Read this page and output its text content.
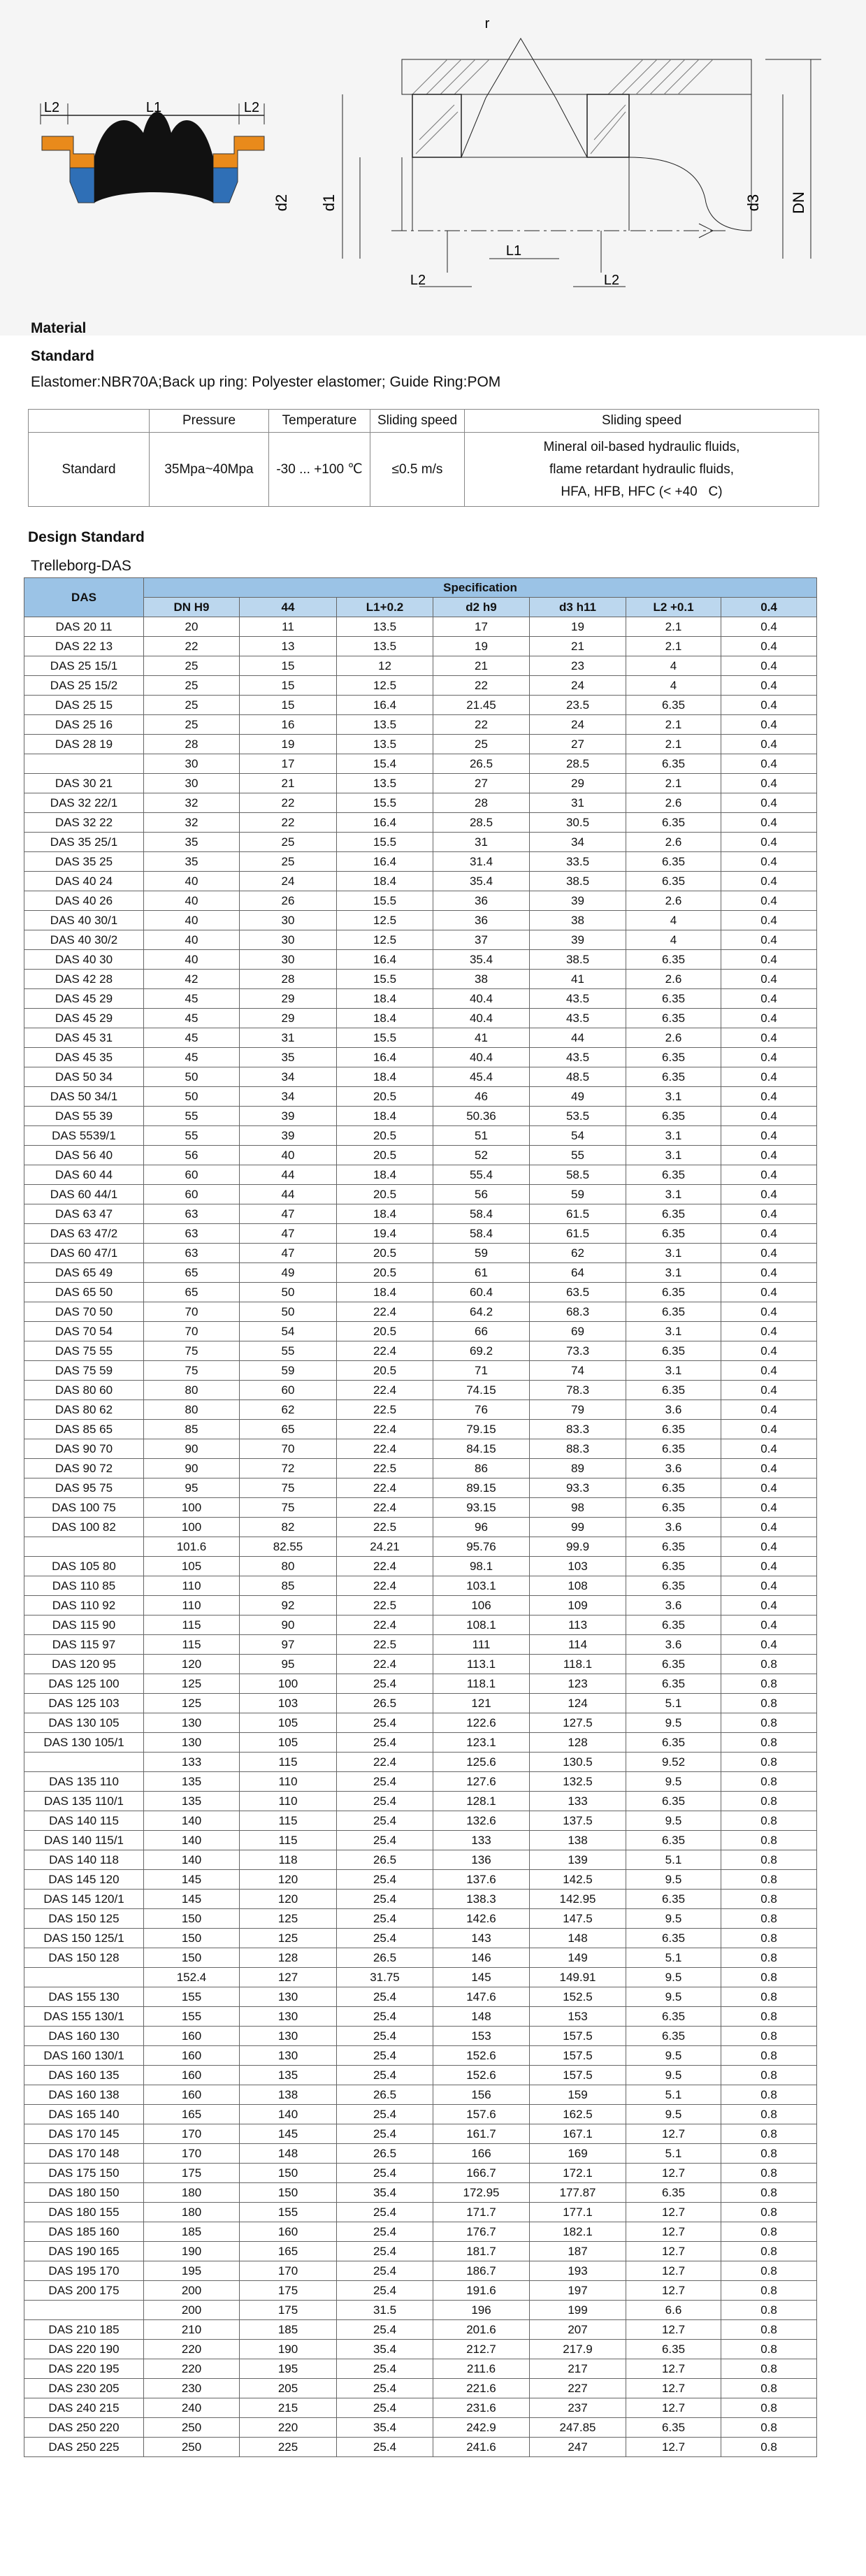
L2	L1	L2
r
d2 d1	d3 DN
L1
L2	L2
Material
Standard
Elastomer:NBR70A;Back up ring: Polyester elastomer; Guide Ring:POM
	Pressure	Temperature	Sliding speed	Sliding speed
Standard	35Mpa~40Mpa	-30 ... +100 ℃	≤0.5 m/s	Mineral oil-based hydraulic fluids,
flame retardant hydraulic fluids,
HFA, HFB, HFC (< +40   C)
Design Standard
Trelleborg-DAS
DAS	Specification						
	DN H9	44	L1+0.2	d2 h9	d3 h11	L2 +0.1	0.4
DAS 20 11	20	11	13.5	17	19	2.1	0.4
DAS 22 13	22	13	13.5	19	21	2.1	0.4
DAS 25 15/1	25	15	12	21	23	4	0.4
DAS 25 15/2	25	15	12.5	22	24	4	0.4
DAS 25 15	25	15	16.4	21.45	23.5	6.35	0.4
DAS 25 16	25	16	13.5	22	24	2.1	0.4
DAS 28 19	28	19	13.5	25	27	2.1	0.4
	30	17	15.4	26.5	28.5	6.35	0.4
DAS 30 21	30	21	13.5	27	29	2.1	0.4
DAS 32 22/1	32	22	15.5	28	31	2.6	0.4
DAS 32 22	32	22	16.4	28.5	30.5	6.35	0.4
DAS 35 25/1	35	25	15.5	31	34	2.6	0.4
DAS 35 25	35	25	16.4	31.4	33.5	6.35	0.4
DAS 40 24	40	24	18.4	35.4	38.5	6.35	0.4
DAS 40 26	40	26	15.5	36	39	2.6	0.4
DAS 40 30/1	40	30	12.5	36	38	4	0.4
DAS 40 30/2	40	30	12.5	37	39	4	0.4
DAS 40 30	40	30	16.4	35.4	38.5	6.35	0.4
DAS 42 28	42	28	15.5	38	41	2.6	0.4
DAS 45 29	45	29	18.4	40.4	43.5	6.35	0.4
DAS 45 29	45	29	18.4	40.4	43.5	6.35	0.4
DAS 45 31	45	31	15.5	41	44	2.6	0.4
DAS 45 35	45	35	16.4	40.4	43.5	6.35	0.4
DAS 50 34	50	34	18.4	45.4	48.5	6.35	0.4
DAS 50 34/1	50	34	20.5	46	49	3.1	0.4
DAS 55 39	55	39	18.4	50.36	53.5	6.35	0.4
DAS 5539/1	55	39	20.5	51	54	3.1	0.4
DAS 56 40	56	40	20.5	52	55	3.1	0.4
DAS 60 44	60	44	18.4	55.4	58.5	6.35	0.4
DAS 60 44/1	60	44	20.5	56	59	3.1	0.4
DAS 63 47	63	47	18.4	58.4	61.5	6.35	0.4
DAS 63 47/2	63	47	19.4	58.4	61.5	6.35	0.4
DAS 60 47/1	63	47	20.5	59	62	3.1	0.4
DAS 65 49	65	49	20.5	61	64	3.1	0.4
DAS 65 50	65	50	18.4	60.4	63.5	6.35	0.4
DAS 70 50	70	50	22.4	64.2	68.3	6.35	0.4
DAS 70 54	70	54	20.5	66	69	3.1	0.4
DAS 75 55	75	55	22.4	69.2	73.3	6.35	0.4
DAS 75 59	75	59	20.5	71	74	3.1	0.4
DAS 80 60	80	60	22.4	74.15	78.3	6.35	0.4
DAS 80 62	80	62	22.5	76	79	3.6	0.4
DAS 85 65	85	65	22.4	79.15	83.3	6.35	0.4
DAS 90 70	90	70	22.4	84.15	88.3	6.35	0.4
DAS 90 72	90	72	22.5	86	89	3.6	0.4
DAS 95 75	95	75	22.4	89.15	93.3	6.35	0.4
DAS 100 75	100	75	22.4	93.15	98	6.35	0.4
DAS 100 82	100	82	22.5	96	99	3.6	0.4
	101.6	82.55	24.21	95.76	99.9	6.35	0.4
DAS 105 80	105	80	22.4	98.1	103	6.35	0.4
DAS 110 85	110	85	22.4	103.1	108	6.35	0.4
DAS 110 92	110	92	22.5	106	109	3.6	0.4
DAS 115 90	115	90	22.4	108.1	113	6.35	0.4
DAS 115 97	115	97	22.5	111	114	3.6	0.4
DAS 120 95	120	95	22.4	113.1	118.1	6.35	0.8
DAS 125 100	125	100	25.4	118.1	123	6.35	0.8
DAS 125 103	125	103	26.5	121	124	5.1	0.8
DAS 130 105	130	105	25.4	122.6	127.5	9.5	0.8
DAS 130 105/1	130	105	25.4	123.1	128	6.35	0.8
	133	115	22.4	125.6	130.5	9.52	0.8
DAS 135 110	135	110	25.4	127.6	132.5	9.5	0.8
DAS 135 110/1	135	110	25.4	128.1	133	6.35	0.8
DAS 140 115	140	115	25.4	132.6	137.5	9.5	0.8
DAS 140 115/1	140	115	25.4	133	138	6.35	0.8
DAS 140 118	140	118	26.5	136	139	5.1	0.8
DAS 145 120	145	120	25.4	137.6	142.5	9.5	0.8
DAS 145 120/1	145	120	25.4	138.3	142.95	6.35	0.8
DAS 150 125	150	125	25.4	142.6	147.5	9.5	0.8
DAS 150 125/1	150	125	25.4	143	148	6.35	0.8
DAS 150 128	150	128	26.5	146	149	5.1	0.8
	152.4	127	31.75	145	149.91	9.5	0.8
DAS 155 130	155	130	25.4	147.6	152.5	9.5	0.8
DAS 155 130/1	155	130	25.4	148	153	6.35	0.8
DAS 160 130	160	130	25.4	153	157.5	6.35	0.8
DAS 160 130/1	160	130	25.4	152.6	157.5	9.5	0.8
DAS 160 135	160	135	25.4	152.6	157.5	9.5	0.8
DAS 160 138	160	138	26.5	156	159	5.1	0.8
DAS 165 140	165	140	25.4	157.6	162.5	9.5	0.8
DAS 170 145	170	145	25.4	161.7	167.1	12.7	0.8
DAS 170 148	170	148	26.5	166	169	5.1	0.8
DAS 175 150	175	150	25.4	166.7	172.1	12.7	0.8
DAS 180 150	180	150	35.4	172.95	177.87	6.35	0.8
DAS 180 155	180	155	25.4	171.7	177.1	12.7	0.8
DAS 185 160	185	160	25.4	176.7	182.1	12.7	0.8
DAS 190 165	190	165	25.4	181.7	187	12.7	0.8
DAS 195 170	195	170	25.4	186.7	193	12.7	0.8
DAS 200 175	200	175	25.4	191.6	197	12.7	0.8
	200	175	31.5	196	199	6.6	0.8
DAS 210 185	210	185	25.4	201.6	207	12.7	0.8
DAS 220 190	220	190	35.4	212.7	217.9	6.35	0.8
DAS 220 195	220	195	25.4	211.6	217	12.7	0.8
DAS 230 205	230	205	25.4	221.6	227	12.7	0.8
DAS 240 215	240	215	25.4	231.6	237	12.7	0.8
DAS 250 220	250	220	35.4	242.9	247.85	6.35	0.8
DAS 250 225	250	225	25.4	241.6	247	12.7	0.8
